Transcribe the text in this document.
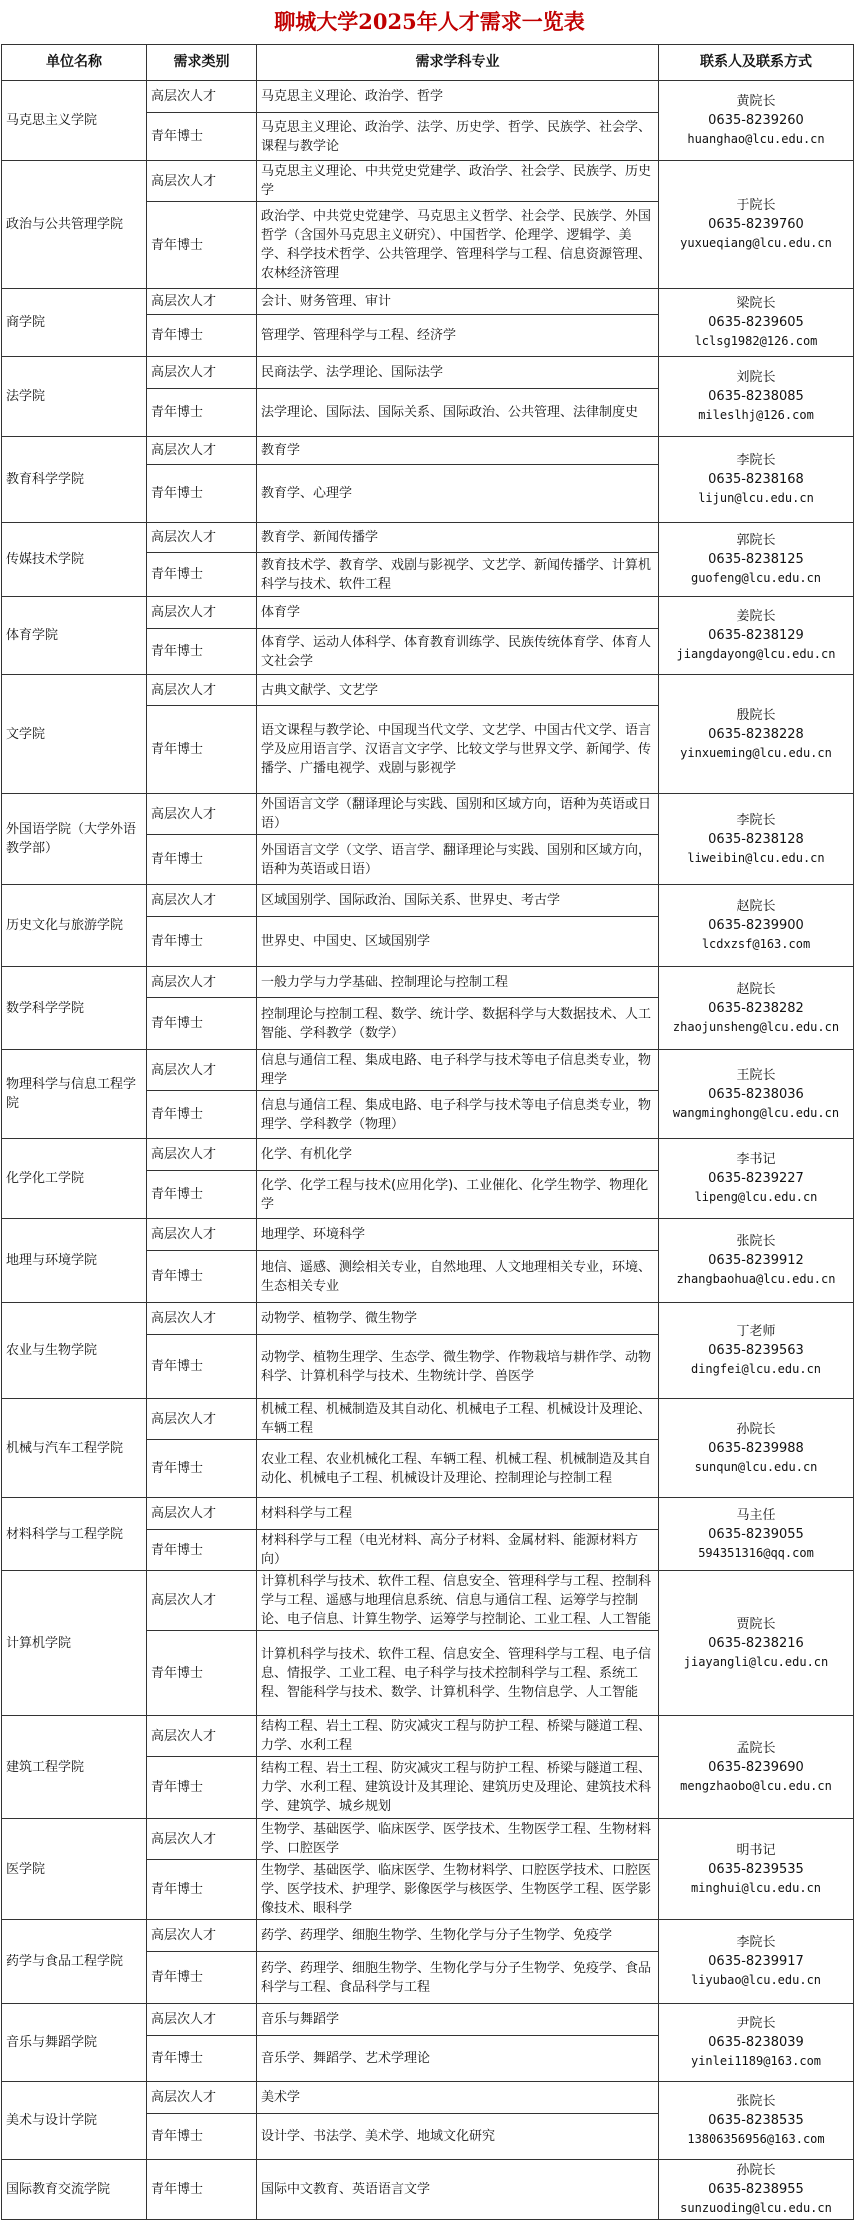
聊城大学2025年人才需求一览表
单位名称	需求类别	需求学科专业	联系人及联系方式
马克思主义学院	高层次人才	马克思主义理论、政治学、哲学	黄院长
0635-8239260
huanghao@lcu.edu.cn

	青年博士	马克思主义理论、政治学、法学、历史学、哲学、民族学、社会学、课程与教学论	
政治与公共管理学院	高层次人才	马克思主义理论、中共党史党建学、政治学、社会学、民族学、历史学	于院长
0635-8239760
yuxueqiang@lcu.edu.cn

	青年博士	政治学、中共党史党建学、马克思主义哲学、社会学、民族学、外国哲学（含国外马克思主义研究）、中国哲学、伦理学、逻辑学、美学、科学技术哲学、公共管理学、管理科学与工程、信息资源管理、农林经济管理	
商学院	高层次人才	会计、财务管理、审计	梁院长
0635-8239605
lclsg1982@126.com

	青年博士	管理学、管理科学与工程、经济学	
法学院	高层次人才	民商法学、法学理论、国际法学	刘院长
0635-8238085
mileslhj@126.com

	青年博士	法学理论、国际法、国际关系、国际政治、公共管理、法律制度史	
教育科学学院	高层次人才	教育学	李院长
0635-8238168
lijun@lcu.edu.cn

	青年博士	教育学、心理学	
传媒技术学院	高层次人才	教育学、新闻传播学	郭院长
0635-8238125
guofeng@lcu.edu.cn

	青年博士	教育技术学、教育学、戏剧与影视学、文艺学、新闻传播学、计算机科学与技术、软件工程	
体育学院	高层次人才	体育学	姜院长
0635-8238129
jiangdayong@lcu.edu.cn

	青年博士	体育学、运动人体科学、体育教育训练学、民族传统体育学、体育人文社会学	
文学院	高层次人才	古典文献学、文艺学	殷院长
0635-8238228
yinxueming@lcu.edu.cn

	青年博士	语文课程与教学论、中国现当代文学、文艺学、中国古代文学、语言学及应用语言学、汉语言文字学、比较文学与世界文学、新闻学、传播学、广播电视学、戏剧与影视学	
外国语学院（大学外语教学部）	高层次人才	外国语言文学（翻译理论与实践、国别和区域方向，语种为英语或日语）	李院长
0635-8238128
liweibin@lcu.edu.cn

	青年博士	外国语言文学（文学、语言学、翻译理论与实践、国别和区域方向，语种为英语或日语）	
历史文化与旅游学院	高层次人才	区域国别学、国际政治、国际关系、世界史、考古学	赵院长
0635-8239900
lcdxzsf@163.com

	青年博士	世界史、中国史、区域国别学	
数学科学学院	高层次人才	一般力学与力学基础、控制理论与控制工程	赵院长
0635-8238282
zhaojunsheng@lcu.edu.cn

	青年博士	控制理论与控制工程、数学、统计学、数据科学与大数据技术、人工智能、学科教学（数学）	
物理科学与信息工程学院	高层次人才	信息与通信工程、集成电路、电子科学与技术等电子信息类专业，物理学	王院长
0635-8238036
wangminghong@lcu.edu.cn

	青年博士	信息与通信工程、集成电路、电子科学与技术等电子信息类专业，物理学、学科教学（物理）	
化学化工学院	高层次人才	化学、有机化学	李书记
0635-8239227
lipeng@lcu.edu.cn

	青年博士	化学、化学工程与技术(应用化学)、工业催化、化学生物学、物理化学	
地理与环境学院	高层次人才	地理学、环境科学	张院长
0635-8239912
zhangbaohua@lcu.edu.cn

	青年博士	地信、遥感、测绘相关专业，自然地理、人文地理相关专业，环境、生态相关专业	
农业与生物学院	高层次人才	动物学、植物学、微生物学	丁老师
0635-8239563
dingfei@lcu.edu.cn

	青年博士	动物学、植物生理学、生态学、微生物学、作物栽培与耕作学、动物科学、计算机科学与技术、生物统计学、兽医学	
机械与汽车工程学院	高层次人才	机械工程、机械制造及其自动化、机械电子工程、机械设计及理论、车辆工程	孙院长
0635-8239988
sunqun@lcu.edu.cn

	青年博士	农业工程、农业机械化工程、车辆工程、机械工程、机械制造及其自动化、机械电子工程、机械设计及理论、控制理论与控制工程	
材料科学与工程学院	高层次人才	材料科学与工程	马主任
0635-8239055
594351316@qq.com

	青年博士	材料科学与工程（电光材料、高分子材料、金属材料、能源材料方向）	
计算机学院	高层次人才	计算机科学与技术、软件工程、信息安全、管理科学与工程、控制科学与工程、遥感与地理信息系统、信息与通信工程、运筹学与控制论、电子信息、计算生物学、运筹学与控制论、工业工程、人工智能	贾院长
0635-8238216
jiayangli@lcu.edu.cn

	青年博士	计算机科学与技术、软件工程、信息安全、管理科学与工程、电子信息、情报学、工业工程、电子科学与技术控制科学与工程、系统工程、智能科学与技术、数学、计算机科学、生物信息学、人工智能	
建筑工程学院	高层次人才	结构工程、岩土工程、防灾减灾工程与防护工程、桥梁与隧道工程、力学、水利工程	孟院长
0635-8239690
mengzhaobo@lcu.edu.cn

	青年博士	结构工程、岩土工程、防灾减灾工程与防护工程、桥梁与隧道工程、力学、水利工程、建筑设计及其理论、建筑历史及理论、建筑技术科学、建筑学、城乡规划	
医学院	高层次人才	生物学、基础医学、临床医学、医学技术、生物医学工程、生物材料学、口腔医学	明书记
0635-8239535
minghui@lcu.edu.cn

	青年博士	生物学、基础医学、临床医学、生物材料学、口腔医学技术、口腔医学、医学技术、护理学、影像医学与核医学、生物医学工程、医学影像技术、眼科学	
药学与食品工程学院	高层次人才	药学、药理学、细胞生物学、生物化学与分子生物学、免疫学	李院长
0635-8239917
liyubao@lcu.edu.cn

	青年博士	药学、药理学、细胞生物学、生物化学与分子生物学、免疫学、食品科学与工程、食品科学与工程	
音乐与舞蹈学院	高层次人才	音乐与舞蹈学	尹院长
0635-8238039
yinlei1189@163.com

	青年博士	音乐学、舞蹈学、艺术学理论	
美术与设计学院	高层次人才	美术学	张院长
0635-8238535
13806356956@163.com

	青年博士	设计学、书法学、美术学、地域文化研究	
国际教育交流学院	青年博士	国际中文教育、英语语言文学	孙院长
0635-8238955
sunzuoding@lcu.edu.cn
